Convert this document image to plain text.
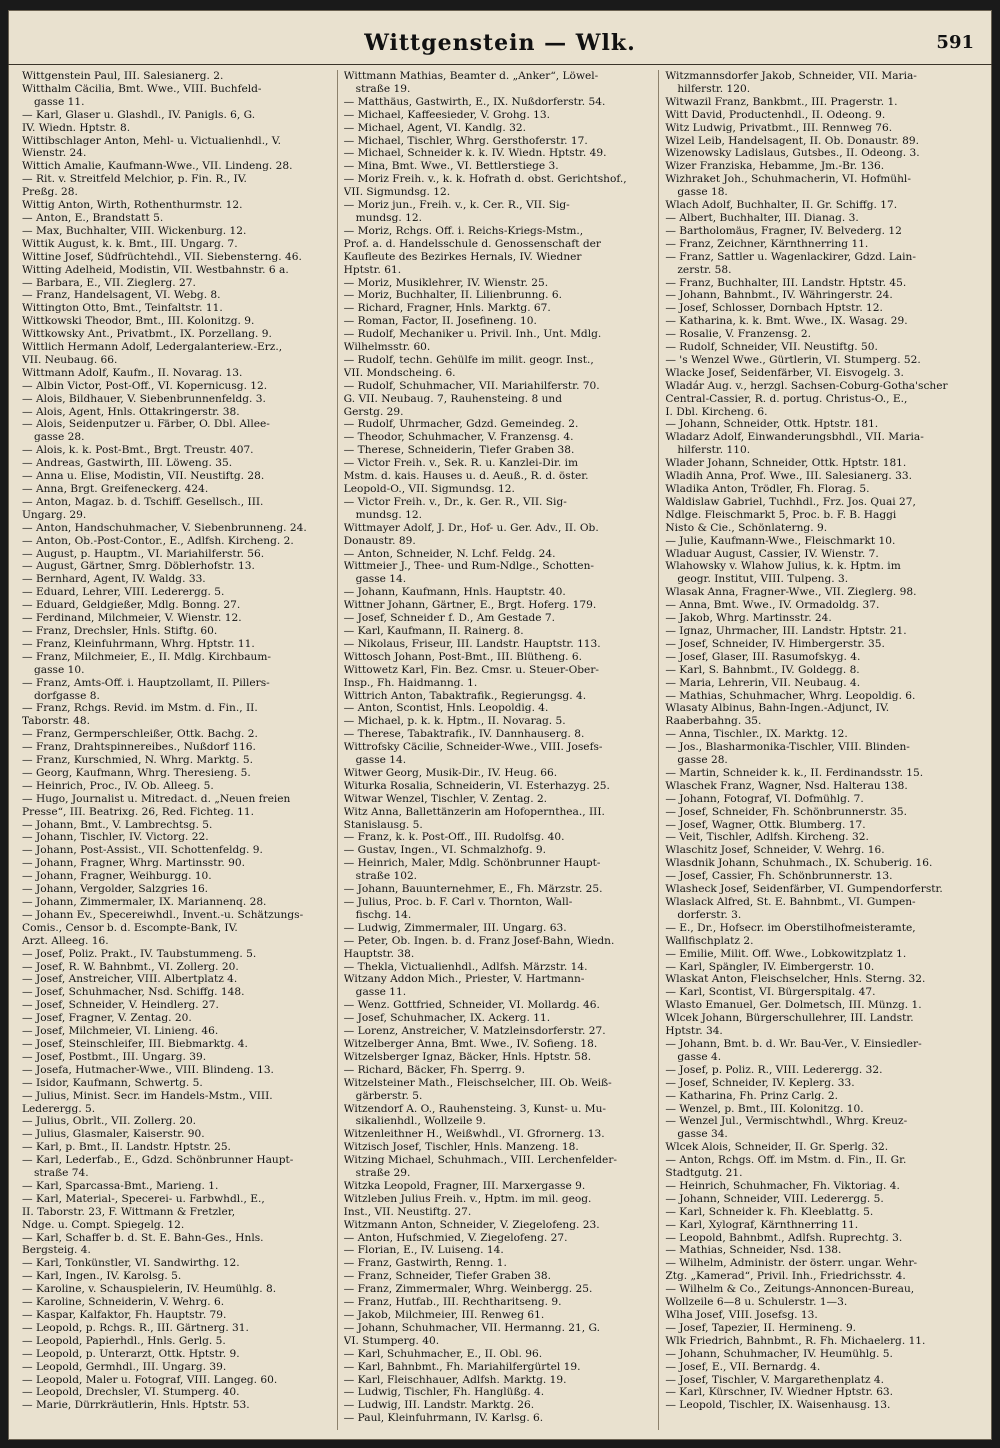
Wittgenstein — Wlk.	591
Wittgenstein Paul, III. Salesianerg. 2.
Witthalm Cäcilia, Bmt. Wwe., VIII. Buchfeld-
gasse 11.
— Karl, Glaser u. Glashdl., IV. Panigls. 6, G.
IV. Wiedn. Hptstr. 8.
Wittibschlager Anton, Mehl- u. Victualienhdl., V.
Wienstr. 24.
Wittich Amalie, Kaufmann-Wwe., VII. Lindeng. 28.
— Rit. v. Streitfeld Melchior, p. Fin. R., IV.
Preßg. 28.
Wittig Anton, Wirth, Rothenthurmstr. 12.
— Anton, E., Brandstatt 5.
— Max, Buchhalter, VIII. Wickenburg. 12.
Wittik August, k. k. Bmt., III. Ungarg. 7.
Wittine Josef, Südfrüchtehdl., VII. Siebensterng. 46.
Witting Adelheid, Modistin, VII. Westbahnstr. 6 a.
— Barbara, E., VII. Zieglerg. 27.
— Franz, Handelsagent, VI. Webg. 8.
Wittington Otto, Bmt., Teinfaltstr. 11.
Wittkowski Theodor, Bmt., III. Kolonitzg. 9.
Wittkowsky Ant., Privatbmt., IX. Porzellang. 9.
Wittlich Hermann Adolf, Ledergalanteriew.-Erz.,
VII. Neubaug. 66.
Wittmann Adolf, Kaufm., II. Novarag. 13.
— Albin Victor, Post-Off., VI. Kopernicusg. 12.
— Alois, Bildhauer, V. Siebenbrunnenfeldg. 3.
— Alois, Agent, Hnls. Ottakringerstr. 38.
— Alois, Seidenputzer u. Färber, O. Dbl. Allee-
gasse 28.
— Alois, k. k. Post-Bmt., Brgt. Treustr. 407.
— Andreas, Gastwirth, III. Löweng. 35.
— Anna u. Elise, Modistin, VII. Neustiftg. 28.
— Anna, Brgt. Greifeneckerg. 424.
— Anton, Magaz. b. d. Tschiff. Gesellsch., III.
Ungarg. 29.
— Anton, Handschuhmacher, V. Siebenbrunneng. 24.
— Anton, Ob.-Post-Contor., E., Adlfsh. Kircheng. 2.
— August, p. Hauptm., VI. Mariahilferstr. 56.
— August, Gärtner, Smrg. Döblerhofstr. 13.
— Bernhard, Agent, IV. Waldg. 33.
— Eduard, Lehrer, VIII. Lederergg. 5.
— Eduard, Geldgießer, Mdlg. Bonng. 27.
— Ferdinand, Milchmeier, V. Wienstr. 12.
— Franz, Drechsler, Hnls. Stiftg. 60.
— Franz, Kleinfuhrmann, Whrg. Hptstr. 11.
— Franz, Milchmeier, E., II. Mdlg. Kirchbaum-
gasse 10.
— Franz, Amts-Off. i. Hauptzollamt, II. Pillers-
dorfgasse 8.
— Franz, Rchgs. Revid. im Mstm. d. Fin., II.
Taborstr. 48.
— Franz, Germperschleißer, Ottk. Bachg. 2.
— Franz, Drahtspinnereibes., Nußdorf 116.
— Franz, Kurschmied, N. Whrg. Marktg. 5.
— Georg, Kaufmann, Whrg. Theresieng. 5.
— Heinrich, Proc., IV. Ob. Alleeg. 5.
— Hugo, Journalist u. Mitredact. d. „Neuen freien
Presse“, III. Beatrixg. 26, Red. Fichteg. 11.
— Johann, Bmt., V. Lambrechtsg. 5.
— Johann, Tischler, IV. Victorg. 22.
— Johann, Post-Assist., VII. Schottenfeldg. 9.
— Johann, Fragner, Whrg. Martinsstr. 90.
— Johann, Fragner, Weihburgg. 10.
— Johann, Vergolder, Salzgries 16.
— Johann, Zimmermaler, IX. Mariannenq. 28.
— Johann Ev., Specereiwhdl., Invent.-u. Schätzungs-
Comis., Censor b. d. Escompte-Bank, IV.
Arzt. Alleeg. 16.
— Josef, Poliz. Prakt., IV. Taubstummeng. 5.
— Josef, R. W. Bahnbmt., VI. Zollerg. 20.
— Josef, Anstreicher, VIII. Albertplatz 4.
— Josef, Schuhmacher, Nsd. Schiffg. 148.
— Josef, Schneider, V. Heindlerg. 27.
— Josef, Fragner, V. Zentag. 20.
— Josef, Milchmeier, VI. Linieng. 46.
— Josef, Steinschleifer, III. Biebmarktg. 4.
— Josef, Postbmt., III. Ungarg. 39.
— Josefa, Hutmacher-Wwe., VIII. Blindeng. 13.
— Isidor, Kaufmann, Schwertg. 5.
— Julius, Minist. Secr. im Handels-Mstm., VIII.
Lederergg. 5.
— Julius, Obrlt., VII. Zollerg. 20.
— Julius, Glasmaler, Kaiserstr. 90.
— Karl, p. Bmt., II. Landstr. Hptstr. 25.
— Karl, Lederfab., E., Gdzd. Schönbrunner Haupt-
straße 74.
— Karl, Sparcassa-Bmt., Marieng. 1.
— Karl, Material-, Specerei- u. Farbwhdl., E.,
II. Taborstr. 23, F. Wittmann & Fretzler,
Ndge. u. Compt. Spiegelg. 12.
— Karl, Schaffer b. d. St. E. Bahn-Ges., Hnls.
Bergsteig. 4.
— Karl, Tonkünstler, VI. Sandwirthg. 12.
— Karl, Ingen., IV. Karolsg. 5.
— Karoline, v. Schauspielerin, IV. Heumühlg. 8.
— Karoline, Schneiderin, V. Wehrg. 6.
— Kaspar, Kalfaktor, Fh. Hauptstr. 79.
— Leopold, p. Rchgs. R., III. Gärtnerg. 31.
— Leopold, Papierhdl., Hnls. Gerlg. 5.
— Leopold, p. Unterarzt, Ottk. Hptstr. 9.
— Leopold, Germhdl., III. Ungarg. 39.
— Leopold, Maler u. Fotograf, VIII. Langeg. 60.
— Leopold, Drechsler, VI. Stumperg. 40.
— Marie, Dürrkräutlerin, Hnls. Hptstr. 53.
Wittmann Mathias, Beamter d. „Anker“, Löwel-
straße 19.
— Matthäus, Gastwirth, E., IX. Nußdorferstr. 54.
— Michael, Kaffeesieder, V. Grohg. 13.
— Michael, Agent, VI. Kandlg. 32.
— Michael, Tischler, Whrg. Gersthoferstr. 17.
— Michael, Schneider k. k. IV. Wiedn. Hptstr. 49.
— Mina, Bmt. Wwe., VI. Bettlerstiege 3.
— Moriz Freih. v., k. k. Hofrath d. obst. Gerichtshof.,
VII. Sigmundsg. 12.
— Moriz jun., Freih. v., k. Cer. R., VII. Sig-
mundsg. 12.
— Moriz, Rchgs. Off. i. Reichs-Kriegs-Mstm.,
Prof. a. d. Handelsschule d. Genossenschaft der
Kaufleute des Bezirkes Hernals, IV. Wiedner
Hptstr. 61.
— Moriz, Musiklehrer, IV. Wienstr. 25.
— Moriz, Buchhalter, II. Lilienbrunng. 6.
— Richard, Fragner, Hnls. Marktg. 67.
— Roman, Factor, II. Josefineng. 10.
— Rudolf, Mechaniker u. Privil. Inh., Unt. Mdlg.
Wilhelmsstr. 60.
— Rudolf, techn. Gehülfe im milit. geogr. Inst.,
VII. Mondscheing. 6.
— Rudolf, Schuhmacher, VII. Mariahilferstr. 70.
G. VII. Neubaug. 7, Rauhensteing. 8 und
Gerstg. 29.
— Rudolf, Uhrmacher, Gdzd. Gemeindeg. 2.
— Theodor, Schuhmacher, V. Franzensg. 4.
— Therese, Schneiderin, Tiefer Graben 38.
— Victor Freih. v., Sek. R. u. Kanzlei-Dir. im
Mstm. d. kais. Hauses u. d. Aeuß., R. d. öster.
Leopold-O., VII. Sigmundsg. 12.
— Victor Freih. v., Dr., k. Ger. R., VII. Sig-
mundsg. 12.
Wittmayer Adolf, J. Dr., Hof- u. Ger. Adv., II. Ob.
Donaustr. 89.
— Anton, Schneider, N. Lchf. Feldg. 24.
Wittmeier J., Thee- und Rum-Ndlge., Schotten-
gasse 14.
— Johann, Kaufmann, Hnls. Hauptstr. 40.
Wittner Johann, Gärtner, E., Brgt. Hoferg. 179.
— Josef, Schneider f. D., Am Gestade 7.
— Karl, Kaufmann, II. Rainerg. 8.
— Nikolaus, Friseur, III. Landstr. Hauptstr. 113.
Wittosch Johann, Post-Bmt., III. Blütheng. 6.
Wittowetz Karl, Fin. Bez. Cmsr. u. Steuer-Ober-
Insp., Fh. Haidmanng. 1.
Wittrich Anton, Tabaktrafik., Regierungsg. 4.
— Anton, Scontist, Hnls. Leopoldig. 4.
— Michael, p. k. k. Hptm., II. Novarag. 5.
— Therese, Tabaktrafik., IV. Dannhauserg. 8.
Wittrofsky Cäcilie, Schneider-Wwe., VIII. Josefs-
gasse 14.
Witwer Georg, Musik-Dir., IV. Heug. 66.
Witurka Rosalia, Schneiderin, VI. Esterhazyg. 25.
Witwar Wenzel, Tischler, V. Zentag. 2.
Witz Anna, Ballettänzerin am Hofopernthea., III.
Stanislausg. 5.
— Franz, k. k. Post-Off., III. Rudolfsg. 40.
— Gustav, Ingen., VI. Schmalzhofg. 9.
— Heinrich, Maler, Mdlg. Schönbrunner Haupt-
straße 102.
— Johann, Bauunternehmer, E., Fh. Märzstr. 25.
— Julius, Proc. b. F. Carl v. Thornton, Wall-
fischg. 14.
— Ludwig, Zimmermaler, III. Ungarg. 63.
— Peter, Ob. Ingen. b. d. Franz Josef-Bahn, Wiedn.
Hauptstr. 38.
— Thekla, Victualienhdl., Adlfsh. Märzstr. 14.
Witzany Addon Mich., Priester, V. Hartmann-
gasse 11.
— Wenz. Gottfried, Schneider, VI. Mollardg. 46.
— Josef, Schuhmacher, IX. Ackerg. 11.
— Lorenz, Anstreicher, V. Matzleinsdorferstr. 27.
Witzelberger Anna, Bmt. Wwe., IV. Sofieng. 18.
Witzelsberger Ignaz, Bäcker, Hnls. Hptstr. 58.
— Richard, Bäcker, Fh. Sperrg. 9.
Witzelsteiner Math., Fleischselcher, III. Ob. Weiß-
gärberstr. 5.
Witzendorf A. O., Rauhensteing. 3, Kunst- u. Mu-
sikalienhdl., Wollzeile 9.
Witzenleithner H., Weißwhdl., VI. Gfrornerg. 13.
Witzisch Josef, Tischler, Hnls. Manzeng. 18.
Witzing Michael, Schuhmach., VIII. Lerchenfelder-
straße 29.
Witzka Leopold, Fragner, III. Marxergasse 9.
Witzleben Julius Freih. v., Hptm. im mil. geog.
Inst., VII. Neustiftg. 27.
Witzmann Anton, Schneider, V. Ziegelofeng. 23.
— Anton, Hufschmied, V. Ziegelofeng. 27.
— Florian, E., IV. Luiseng. 14.
— Franz, Gastwirth, Renng. 1.
— Franz, Schneider, Tiefer Graben 38.
— Franz, Zimmermaler, Whrg. Weinbergg. 25.
— Franz, Hutfab., III. Rechtharitseng. 9.
— Jakob, Milchmeier, III. Renweg 61.
— Johann, Schuhmacher, VII. Hermanng. 21, G.
VI. Stumperg. 40.
— Karl, Schuhmacher, E., II. Obl. 96.
— Karl, Bahnbmt., Fh. Mariahilfergürtel 19.
— Karl, Fleischhauer, Adlfsh. Marktg. 19.
— Ludwig, Tischler, Fh. Hanglüßg. 4.
— Ludwig, III. Landstr. Marktg. 26.
— Paul, Kleinfuhrmann, IV. Karlsg. 6.
Witzmannsdorfer Jakob, Schneider, VII. Maria-
hilferstr. 120.
Witwazil Franz, Bankbmt., III. Pragerstr. 1.
Witt David, Productenhdl., II. Odeong. 9.
Witz Ludwig, Privatbmt., III. Rennweg 76.
Wizel Leib, Handelsagent, II. Ob. Donaustr. 89.
Wizenowsky Ladislaus, Gutsbes., II. Odeong. 3.
Wizer Franziska, Hebamme, Jm.-Br. 136.
Wizhraket Joh., Schuhmacherin, VI. Hofmühl-
gasse 18.
Wlach Adolf, Buchhalter, II. Gr. Schiffg. 17.
— Albert, Buchhalter, III. Dianag. 3.
— Bartholomäus, Fragner, IV. Belvederg. 12
— Franz, Zeichner, Kärnthnerring 11.
— Franz, Sattler u. Wagenlackirer, Gdzd. Lain-
zerstr. 58.
— Franz, Buchhalter, III. Landstr. Hptstr. 45.
— Johann, Bahnbmt., IV. Währingerstr. 24.
— Josef, Schlosser, Dornbach Hptstr. 12.
— Katharina, k. k. Bmt. Wwe., IX. Wasag. 29.
— Rosalie, V. Franzensg. 2.
— Rudolf, Schneider, VII. Neustiftg. 50.
— 's Wenzel Wwe., Gürtlerin, VI. Stumperg. 52.
Wlacke Josef, Seidenfärber, VI. Eisvogelg. 3.
Wladár Aug. v., herzgl. Sachsen-Coburg-Gotha'scher
Central-Cassier, R. d. portug. Christus-O., E.,
I. Dbl. Kircheng. 6.
— Johann, Schneider, Ottk. Hptstr. 181.
Wladarz Adolf, Einwanderungsbhdl., VII. Maria-
hilferstr. 110.
Wlader Johann, Schneider, Ottk. Hptstr. 181.
Wladih Anna, Prof. Wwe., III. Salesianerg. 33.
Wladika Anton, Trödler, Fh. Florag. 5.
Waldislaw Gabriel, Tuchhdl., Frz. Jos. Quai 27,
Ndlge. Fleischmarkt 5, Proc. b. F. B. Haggi
Nisto & Cie., Schönlaterng. 9.
— Julie, Kaufmann-Wwe., Fleischmarkt 10.
Wladuar August, Cassier, IV. Wienstr. 7.
Wlahowsky v. Wlahow Julius, k. k. Hptm. im
geogr. Institut, VIII. Tulpeng. 3.
Wlasak Anna, Fragner-Wwe., VII. Zieglerg. 98.
— Anna, Bmt. Wwe., IV. Ormadoldg. 37.
— Jakob, Whrg. Martinsstr. 24.
— Ignaz, Uhrmacher, III. Landstr. Hptstr. 21.
— Josef, Schneider, IV. Himbergerstr. 35.
— Josef, Glaser, III. Rasumofskyg. 4.
— Karl, S. Bahnbmt., IV. Goldegg. 8.
— Maria, Lehrerin, VII. Neubaug. 4.
— Mathias, Schuhmacher, Whrg. Leopoldig. 6.
Wlasaty Albinus, Bahn-Ingen.-Adjunct, IV.
Raaberbahng. 35.
— Anna, Tischler., IX. Marktg. 12.
— Jos., Blasharmonika-Tischler, VIII. Blinden-
gasse 28.
— Martin, Schneider k. k., II. Ferdinandsstr. 15.
Wlaschek Franz, Wagner, Nsd. Halterau 138.
— Johann, Fotograf, VI. Dofmühlg. 7.
— Josef, Schneider, Fh. Schönbrunnerstr. 35.
— Josef, Wagner, Ottk. Blumberg. 17.
— Veit, Tischler, Adlfsh. Kircheng. 32.
Wlaschitz Josef, Schneider, V. Wehrg. 16.
Wlasdnik Johann, Schuhmach., IX. Schuberig. 16.
— Josef, Cassier, Fh. Schönbrunnerstr. 13.
Wlasheck Josef, Seidenfärber, VI. Gumpendorferstr.
Wlaslack Alfred, St. E. Bahnbmt., VI. Gumpen-
dorferstr. 3.
— E., Dr., Hofsecr. im Oberstilhofmeisteramte,
Wallfischplatz 2.
— Emilie, Milit. Off. Wwe., Lobkowitzplatz 1.
— Karl, Spängler, IV. Eimbergerstr. 10.
Wlaskat Anton, Fleischselcher, Hnls. Sterng. 32.
— Karl, Scontist, VI. Bürgerspitalg. 47.
Wlasto Emanuel, Ger. Dolmetsch, III. Münzg. 1.
Wlcek Johann, Bürgerschullehrer, III. Landstr.
Hptstr. 34.
— Johann, Bmt. b. d. Wr. Bau-Ver., V. Einsiedler-
gasse 4.
— Josef, p. Poliz. R., VIII. Lederergg. 32.
— Josef, Schneider, IV. Keplerg. 33.
— Katharina, Fh. Prinz Carlg. 2.
— Wenzel, p. Bmt., III. Kolonitzg. 10.
— Wenzel Jul., Vermischtwhdl., Whrg. Kreuz-
gasse 34.
Wlcek Alois, Schneider, II. Gr. Sperlg. 32.
— Anton, Rchgs. Off. im Mstm. d. Fin., II. Gr.
Stadtgutg. 21.
— Heinrich, Schuhmacher, Fh. Viktoriag. 4.
— Johann, Schneider, VIII. Lederergg. 5.
— Karl, Schneider k. Fh. Kleeblattg. 5.
— Karl, Xylograf, Kärnthnerring 11.
— Leopold, Bahnbmt., Adlfsh. Ruprechtg. 3.
— Mathias, Schneider, Nsd. 138.
— Wilhelm, Administr. der österr. ungar. Wehr-
Ztg. „Kamerad“, Privil. Inh., Friedrichsstr. 4.
— Wilhelm & Co., Zeitungs-Annoncen-Bureau,
Wollzeile 6—8 u. Schulerstr. 1—3.
Wlha Josef, VIII. Josefsg. 13.
— Josef, Tapezier, II. Hermineng. 9.
Wlk Friedrich, Bahnbmt., R. Fh. Michaelerg. 11.
— Johann, Schuhmacher, IV. Heumühlg. 5.
— Josef, E., VII. Bernardg. 4.
— Josef, Tischler, V. Margarethenplatz 4.
— Karl, Kürschner, IV. Wiedner Hptstr. 63.
— Leopold, Tischler, IX. Waisenhausg. 13.
